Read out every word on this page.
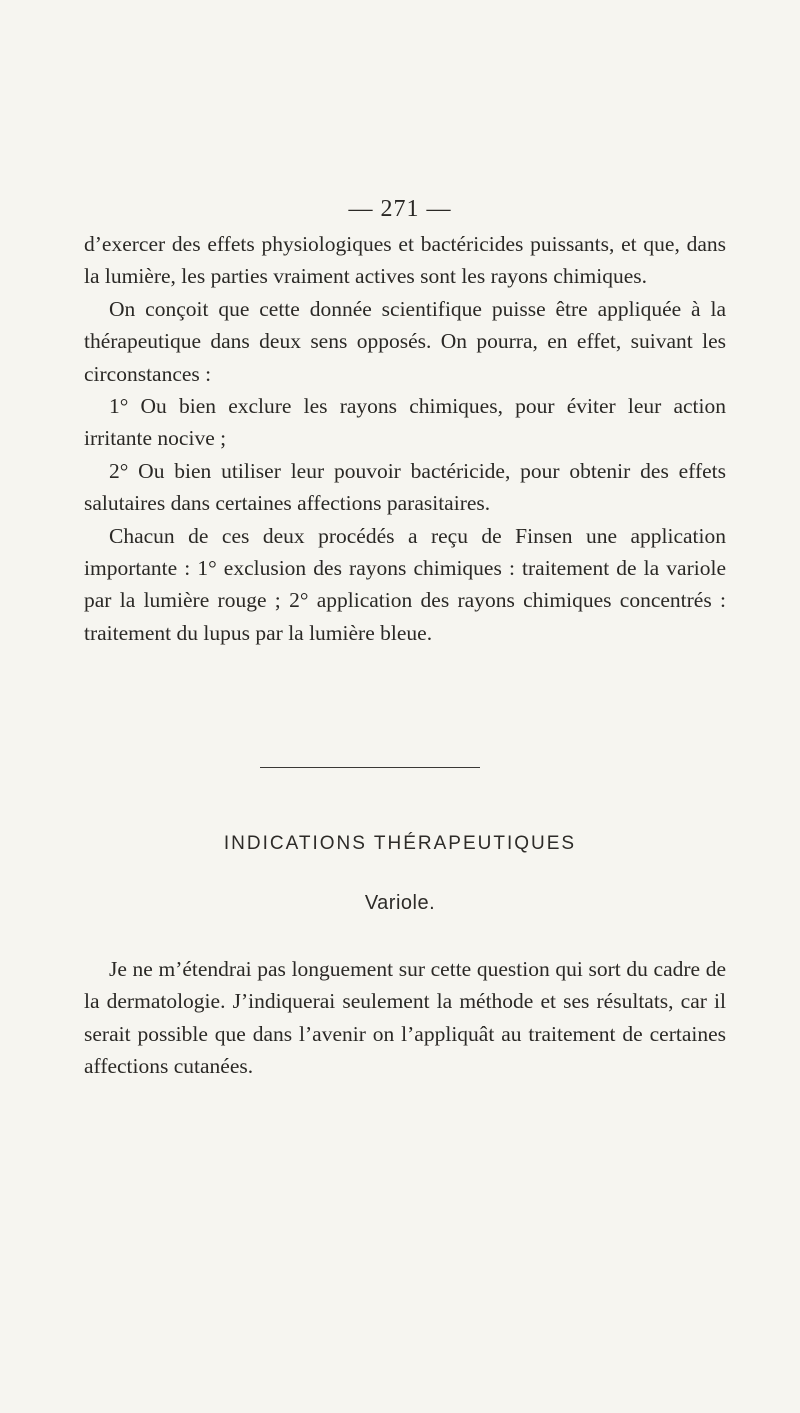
— 271 —

d’exercer des effets physiologiques et bactéricides puissants, et que, dans la lumière, les parties vraiment actives sont les rayons chimiques.

On conçoit que cette donnée scientifique puisse être appliquée à la thérapeutique dans deux sens opposés. On pourra, en effet, suivant les circonstances :

1° Ou bien exclure les rayons chimiques, pour éviter leur action irritante nocive ;

2° Ou bien utiliser leur pouvoir bactéricide, pour obtenir des effets salutaires dans certaines affections parasitaires.

Chacun de ces deux procédés a reçu de Finsen une application importante : 1° exclusion des rayons chimiques : traitement de la variole par la lumière rouge ; 2° application des rayons chimiques concentrés : traitement du lupus par la lumière bleue.

INDICATIONS THÉRAPEUTIQUES
Variole.

Je ne m’étendrai pas longuement sur cette question qui sort du cadre de la dermatologie. J’indiquerai seulement la méthode et ses résultats, car il serait possible que dans l’avenir on l’appliquât au traitement de certaines affections cutanées.
